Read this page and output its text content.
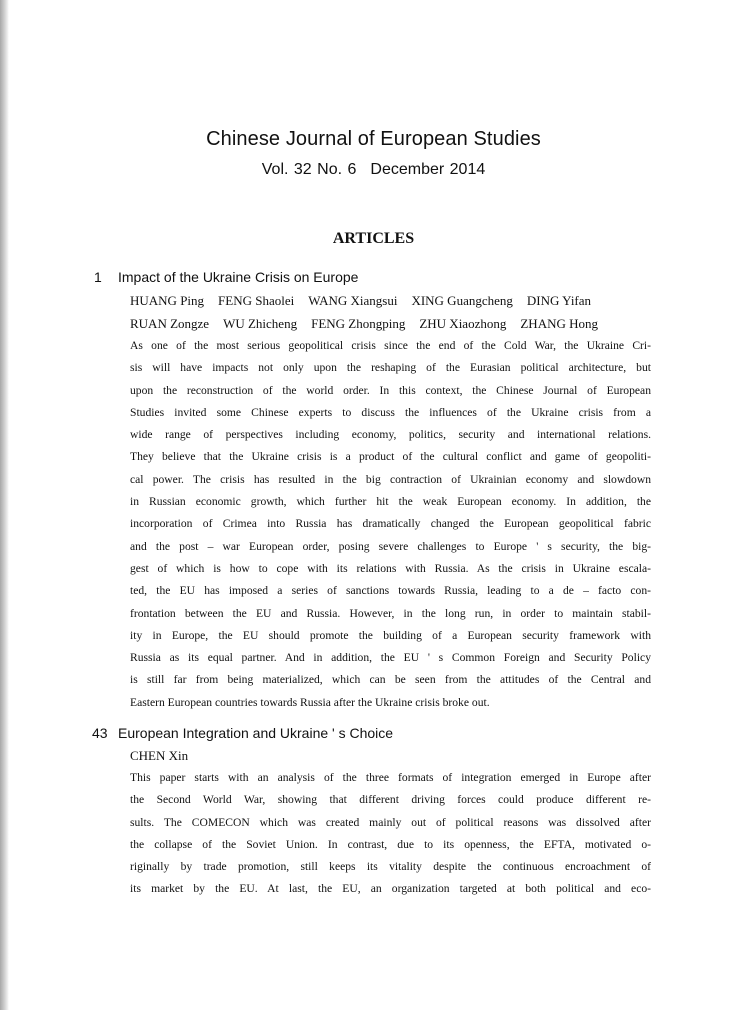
Chinese Journal of European Studies
Vol. 32 No. 6 December 2014
ARTICLES
1 Impact of the Ukraine Crisis on Europe
HUANG Ping FENG Shaolei WANG Xiangsui XING Guangcheng DING Yifan
RUAN Zongze WU Zhicheng FENG Zhongping ZHU Xiaozhong ZHANG Hong
As one of the most serious geopolitical crisis since the end of the Cold War, the Ukraine Cri-
sis will have impacts not only upon the reshaping of the Eurasian political architecture, but
upon the reconstruction of the world order. In this context, the Chinese Journal of European
Studies invited some Chinese experts to discuss the influences of the Ukraine crisis from a
wide range of perspectives including economy, politics, security and international relations.
They believe that the Ukraine crisis is a product of the cultural conflict and game of geopoliti-
cal power. The crisis has resulted in the big contraction of Ukrainian economy and slowdown
in Russian economic growth, which further hit the weak European economy. In addition, the
incorporation of Crimea into Russia has dramatically changed the European geopolitical fabric
and the post – war European order, posing severe challenges to Europe ' s security, the big-
gest of which is how to cope with its relations with Russia. As the crisis in Ukraine escala-
ted, the EU has imposed a series of sanctions towards Russia, leading to a de – facto con-
frontation between the EU and Russia. However, in the long run, in order to maintain stabil-
ity in Europe, the EU should promote the building of a European security framework with
Russia as its equal partner. And in addition, the EU ' s Common Foreign and Security Policy
is still far from being materialized, which can be seen from the attitudes of the Central and
Eastern European countries towards Russia after the Ukraine crisis broke out.
43 European Integration and Ukraine ' s Choice
CHEN Xin
This paper starts with an analysis of the three formats of integration emerged in Europe after
the Second World War, showing that different driving forces could produce different re-
sults. The COMECON which was created mainly out of political reasons was dissolved after
the collapse of the Soviet Union. In contrast, due to its openness, the EFTA, motivated o-
riginally by trade promotion, still keeps its vitality despite the continuous encroachment of
its market by the EU. At last, the EU, an organization targeted at both political and eco-
